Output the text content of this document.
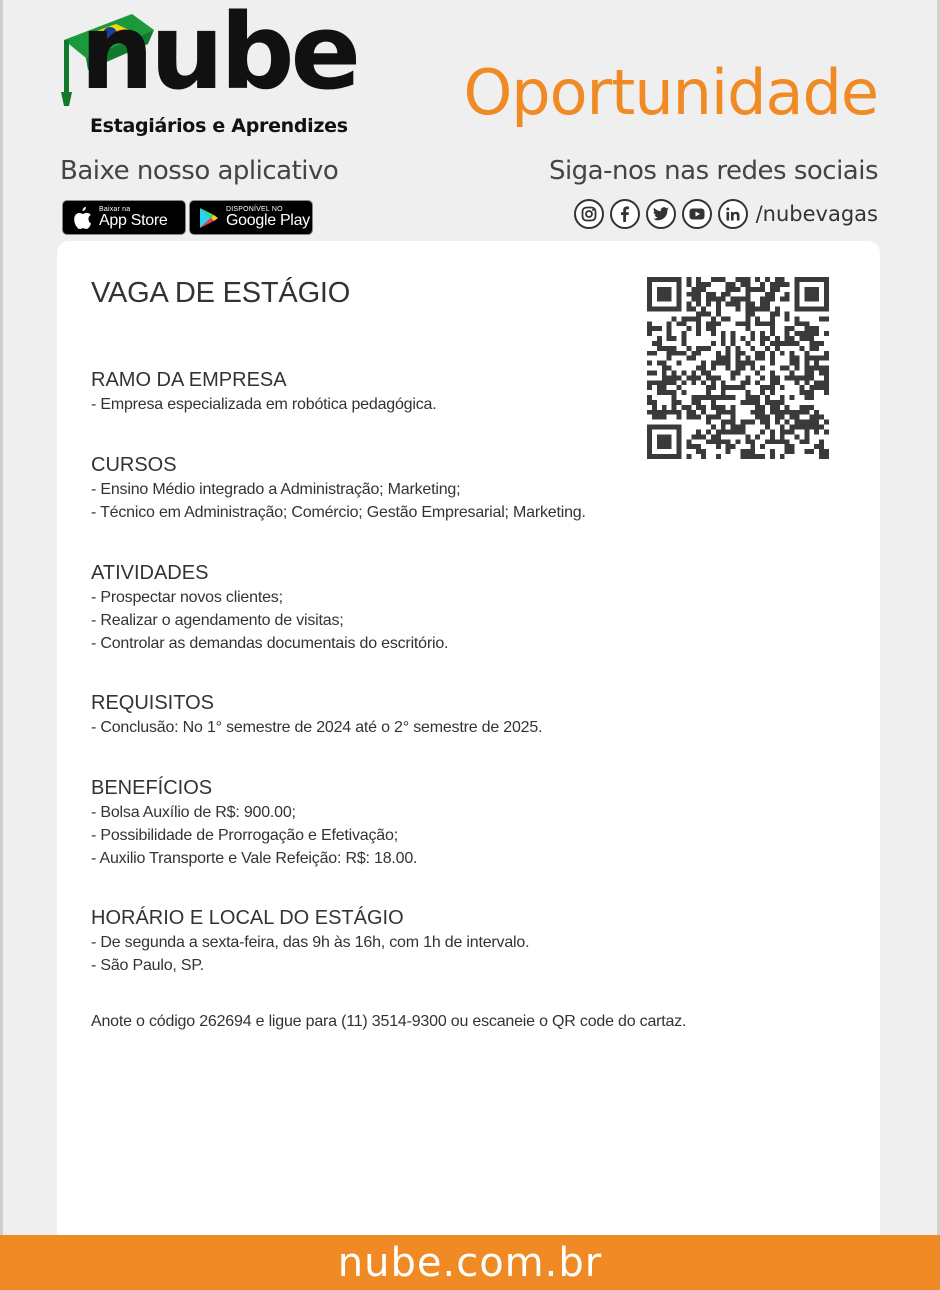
nube
Estagiários e Aprendizes Oportunidade
Baixe nosso aplicativo	Siga-nos nas redes sociais
Baixar na
App Store
DISPONÍVEL NO
Google Play	/nubevagas
VAGA DE ESTÁGIO

RAMO DA EMPRESA

- Empresa especializada em robótica pedagógica.

CURSOS

- Ensino Médio integrado a Administração; Marketing;

- Técnico em Administração; Comércio; Gestão Empresarial; Marketing.

ATIVIDADES

- Prospectar novos clientes;

- Realizar o agendamento de visitas;

- Controlar as demandas documentais do escritório.

REQUISITOS

- Conclusão: No 1° semestre de 2024 até o 2° semestre de 2025.

BENEFÍCIOS

- Bolsa Auxílio de R$: 900.00;

- Possibilidade de Prorrogação e Efetivação;

- Auxilio Transporte e Vale Refeição: R$: 18.00.

HORÁRIO E LOCAL DO ESTÁGIO

- De segunda a sexta-feira, das 9h às 16h, com 1h de intervalo.

- São Paulo, SP.

Anote o código 262694 e ligue para (11) 3514-9300 ou escaneie o QR code do cartaz.
nube.com.br
